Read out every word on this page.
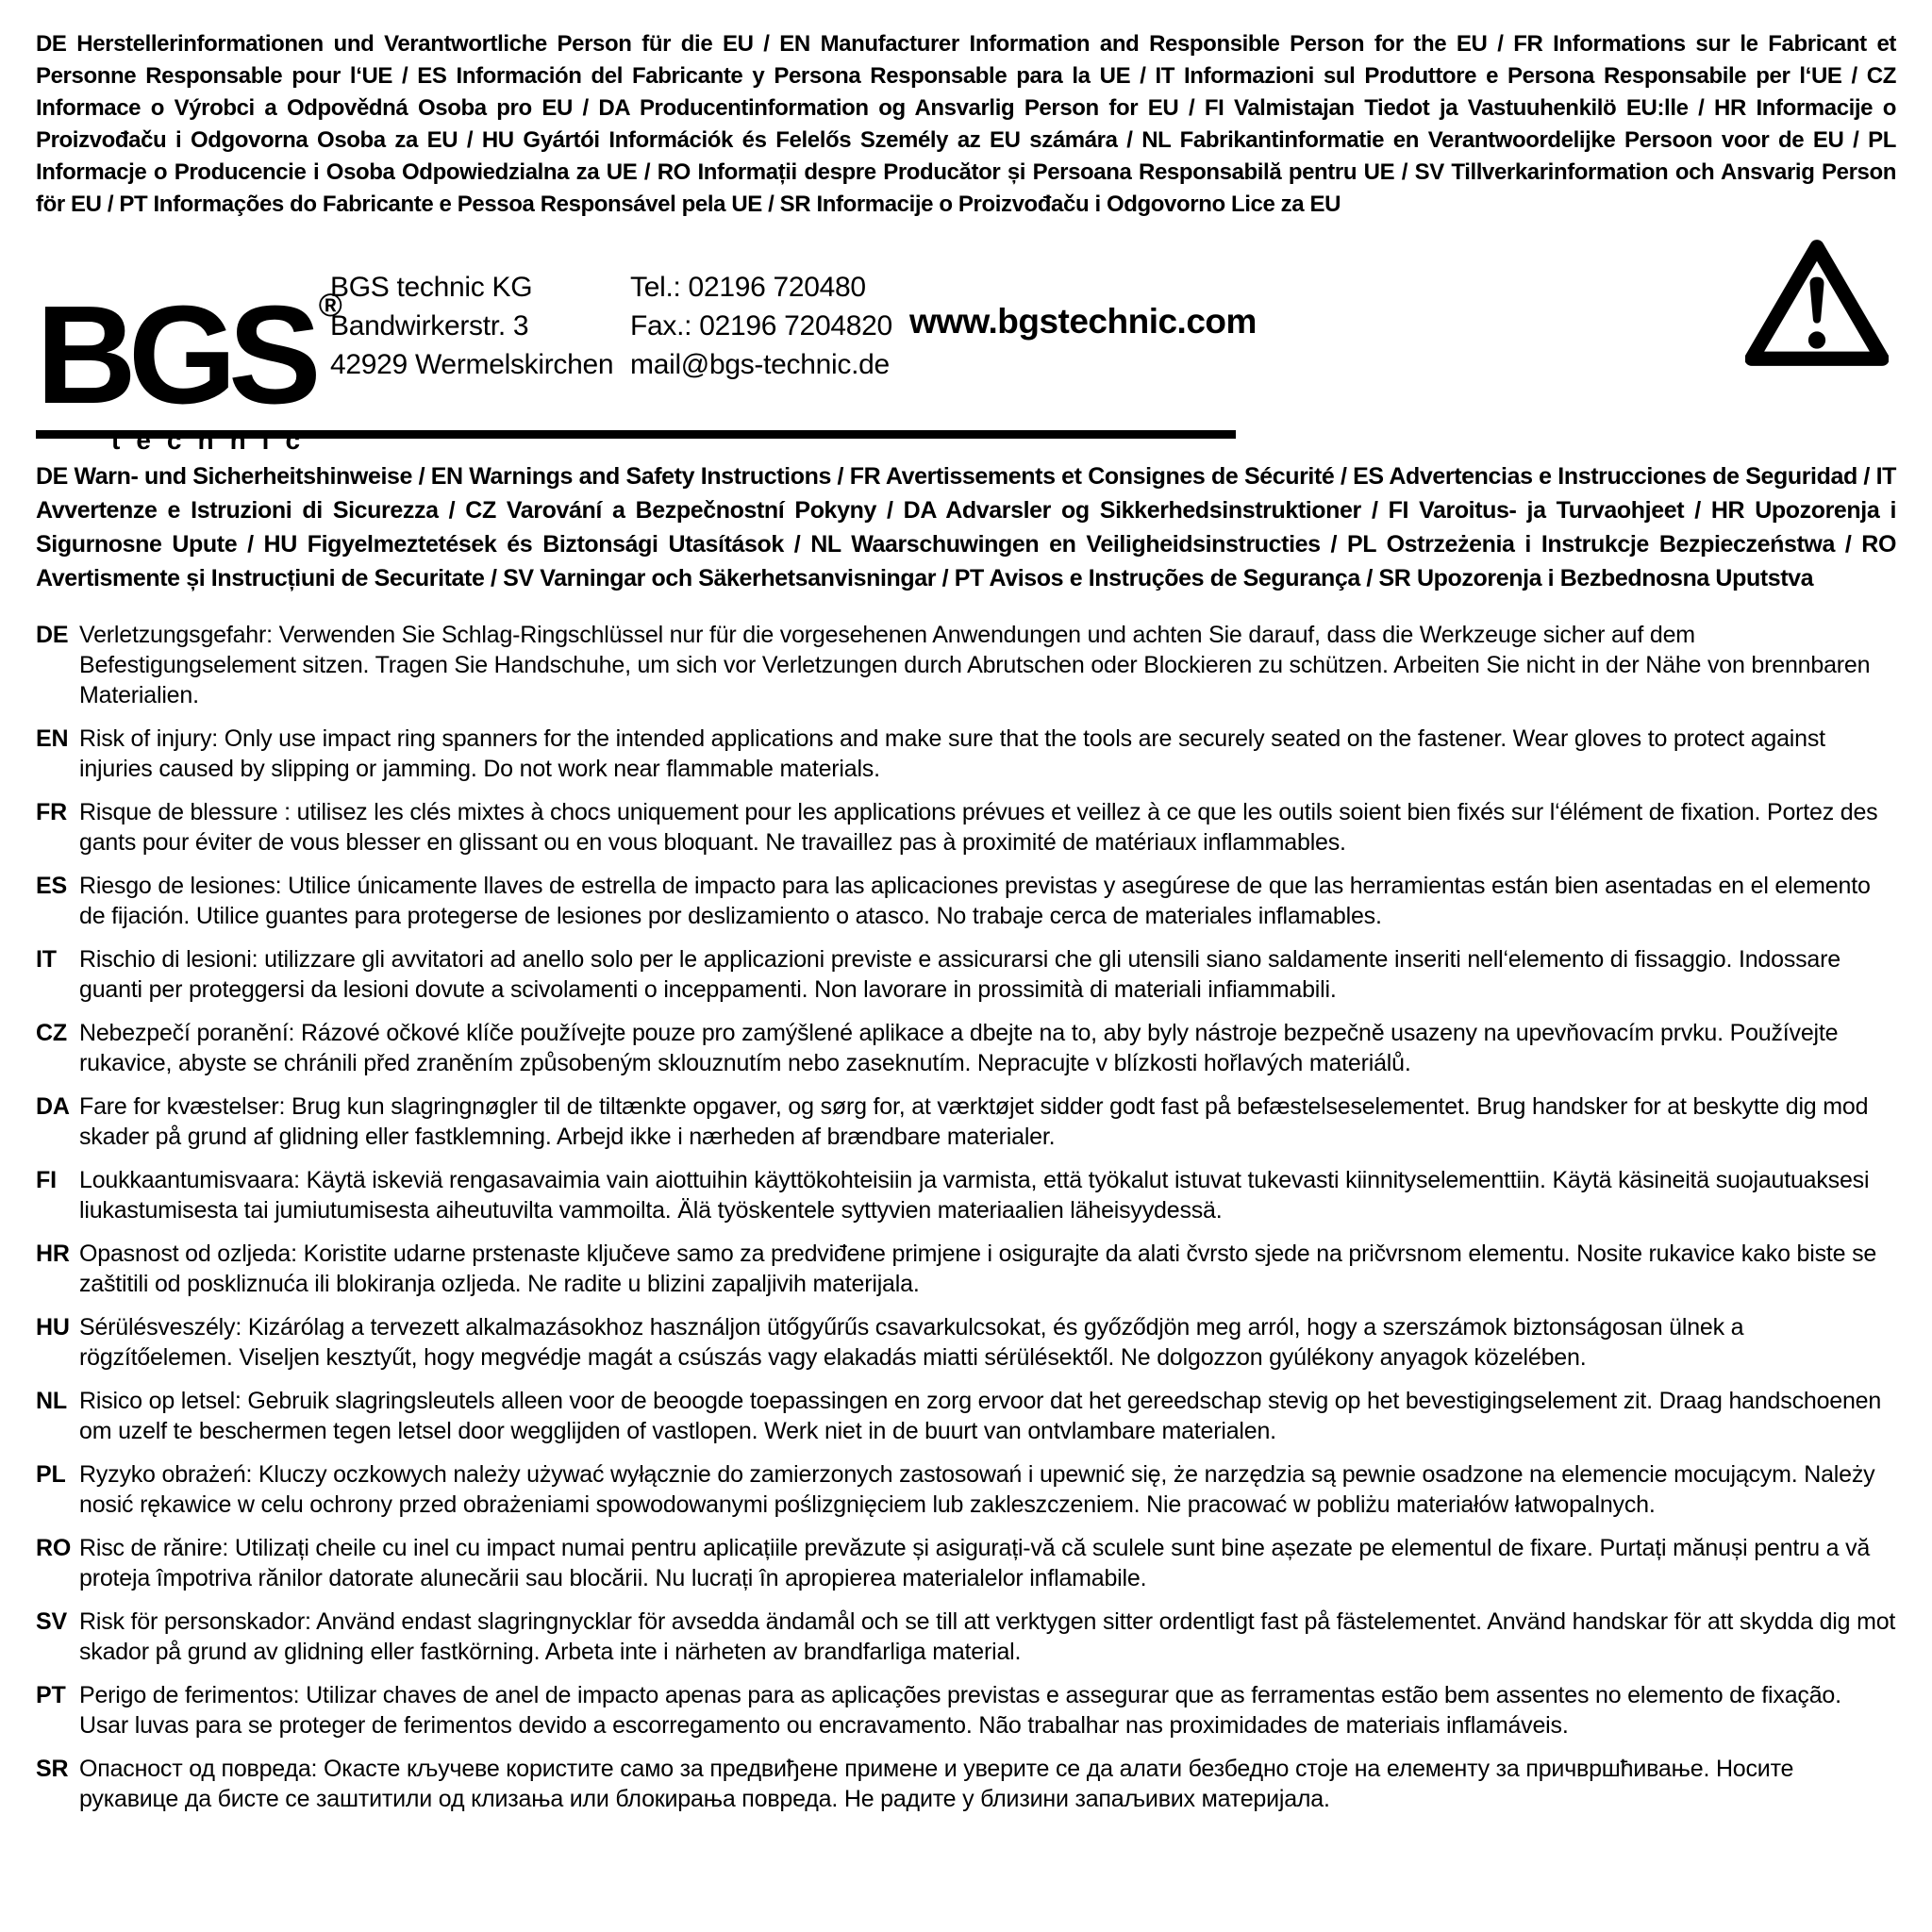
DE Herstellerinformationen und Verantwortliche Person für die EU / EN Manufacturer Information and Responsible Person for the EU / FR Informations sur le Fabricant et Personne Responsable pour l‘UE / ES Información del Fabricante y Persona Responsable para la UE / IT Informazioni sul Produttore e Persona Responsabile per l‘UE / CZ Informace o Výrobci a Odpovědná Osoba pro EU / DA Producentinformation og Ansvarlig Person for EU / FI Valmistajan Tiedot ja Vastuuhenkilö EU:lle / HR Informacije o Proizvođaču i Odgovorna Osoba za EU / HU Gyártói Információk és Felelős Személy az EU számára / NL Fabrikantinformatie en Verantwoordelijke Persoon voor de EU / PL Informacje o Producencie i Osoba Odpowiedzialna za UE / RO Informații despre Producător și Persoana Responsabilă pentru UE / SV Tillverkarinformation och Ansvarig Person för EU / PT Informações do Fabricante e Pessoa Responsável pela UE / SR Informacije o Proizvođaču i Odgovorno Lice za EU
BGS ®
technic
BGS technic KG
Bandwirkerstr. 3
42929 Wermelskirchen
Tel.: 02196 720480
Fax.: 02196 7204820
mail@bgs-technic.de
www.bgstechnic.com
DE Warn- und Sicherheitshinweise / EN Warnings and Safety Instructions / FR Avertissements et Consignes de Sécurité / ES Advertencias e Instrucciones de Seguridad / IT Avvertenze e Istruzioni di Sicurezza / CZ Varování a Bezpečnostní Pokyny / DA Advarsler og Sikkerhedsinstruktioner / FI Varoitus- ja Turvaohjeet / HR Upozorenja i Sigurnosne Upute / HU Figyelmeztetések és Biztonsági Utasítások / NL Waarschuwingen en Veiligheidsinstructies / PL Ostrzeżenia i Instrukcje Bezpieczeństwa / RO Avertismente și Instrucțiuni de Securitate / SV Varningar och Säkerhetsanvisningar / PT Avisos e Instruções de Segurança / SR Upozorenja i Bezbednosna Uputstva
DE Verletzungsgefahr: Verwenden Sie Schlag-Ringschlüssel nur für die vorgesehenen Anwendungen und achten Sie darauf, dass die Werkzeuge sicher auf dem Befestigungselement sitzen. Tragen Sie Handschuhe, um sich vor Verletzungen durch Abrutschen oder Blockieren zu schützen. Arbeiten Sie nicht in der Nähe von brennbaren Materialien.
EN Risk of injury: Only use impact ring spanners for the intended applications and make sure that the tools are securely seated on the fastener. Wear gloves to protect against injuries caused by slipping or jamming. Do not work near flammable materials.
FR Risque de blessure : utilisez les clés mixtes à chocs uniquement pour les applications prévues et veillez à ce que les outils soient bien fixés sur l‘élément de fixation. Portez des gants pour éviter de vous blesser en glissant ou en vous bloquant. Ne travaillez pas à proximité de matériaux inflammables.
ES Riesgo de lesiones: Utilice únicamente llaves de estrella de impacto para las aplicaciones previstas y asegúrese de que las herramientas están bien asentadas en el elemento de fijación. Utilice guantes para protegerse de lesiones por deslizamiento o atasco. No trabaje cerca de materiales inflamables.
IT Rischio di lesioni: utilizzare gli avvitatori ad anello solo per le applicazioni previste e assicurarsi che gli utensili siano saldamente inseriti nell‘elemento di fissaggio. Indossare guanti per proteggersi da lesioni dovute a scivolamenti o inceppamenti. Non lavorare in prossimità di materiali infiammabili.
CZ Nebezpečí poranění: Rázové očkové klíče používejte pouze pro zamýšlené aplikace a dbejte na to, aby byly nástroje bezpečně usazeny na upevňovacím prvku. Používejte rukavice, abyste se chránili před zraněním způsobeným sklouznutím nebo zaseknutím. Nepracujte v blízkosti hořlavých materiálů.
DA Fare for kvæstelser: Brug kun slagringnøgler til de tiltænkte opgaver, og sørg for, at værktøjet sidder godt fast på befæstelseselementet. Brug handsker for at beskytte dig mod skader på grund af glidning eller fastklemning. Arbejd ikke i nærheden af brændbare materialer.
FI Loukkaantumisvaara: Käytä iskeviä rengasavaimia vain aiottuihin käyttökohteisiin ja varmista, että työkalut istuvat tukevasti kiinnityselementtiin. Käytä käsineitä suojautuaksesi liukastumisesta tai jumiutumisesta aiheutuvilta vammoilta. Älä työskentele syttyvien materiaalien läheisyydessä.
HR Opasnost od ozljeda: Koristite udarne prstenaste ključeve samo za predviđene primjene i osigurajte da alati čvrsto sjede na pričvrsnom elementu. Nosite rukavice kako biste se zaštitili od poskliznuća ili blokiranja ozljeda. Ne radite u blizini zapaljivih materijala.
HU Sérülésveszély: Kizárólag a tervezett alkalmazásokhoz használjon ütőgyűrűs csavarkulcsokat, és győződjön meg arról, hogy a szerszámok biztonságosan ülnek a rögzítőelemen. Viseljen kesztyűt, hogy megvédje magát a csúszás vagy elakadás miatti sérülésektől. Ne dolgozzon gyúlékony anyagok közelében.
NL Risico op letsel: Gebruik slagringsleutels alleen voor de beoogde toepassingen en zorg ervoor dat het gereedschap stevig op het bevestigingselement zit. Draag handschoenen om uzelf te beschermen tegen letsel door wegglijden of vastlopen. Werk niet in de buurt van ontvlambare materialen.
PL Ryzyko obrażeń: Kluczy oczkowych należy używać wyłącznie do zamierzonych zastosowań i upewnić się, że narzędzia są pewnie osadzone na elemencie mocującym. Należy nosić rękawice w celu ochrony przed obrażeniami spowodowanymi poślizgnięciem lub zakleszczeniem. Nie pracować w pobliżu materiałów łatwopalnych.
RO Risc de rănire: Utilizați cheile cu inel cu impact numai pentru aplicațiile prevăzute și asigurați-vă că sculele sunt bine așezate pe elementul de fixare. Purtați mănuși pentru a vă proteja împotriva rănilor datorate alunecării sau blocării. Nu lucrați în apropierea materialelor inflamabile.
SV Risk för personskador: Använd endast slagringnycklar för avsedda ändamål och se till att verktygen sitter ordentligt fast på fästelementet. Använd handskar för att skydda dig mot skador på grund av glidning eller fastkörning. Arbeta inte i närheten av brandfarliga material.
PT Perigo de ferimentos: Utilizar chaves de anel de impacto apenas para as aplicações previstas e assegurar que as ferramentas estão bem assentes no elemento de fixação. Usar luvas para se proteger de ferimentos devido a escorregamento ou encravamento. Não trabalhar nas proximidades de materiais inflamáveis.
SR Опасност од повреда: Окасте кључеве користите само за предвиђене примене и уверите се да алати безбедно стоје на елементу за причвршћивање. Носите рукавице да бисте се заштитили од клизања или блокирања повреда. Не радите у близини запаљивих материјала.
